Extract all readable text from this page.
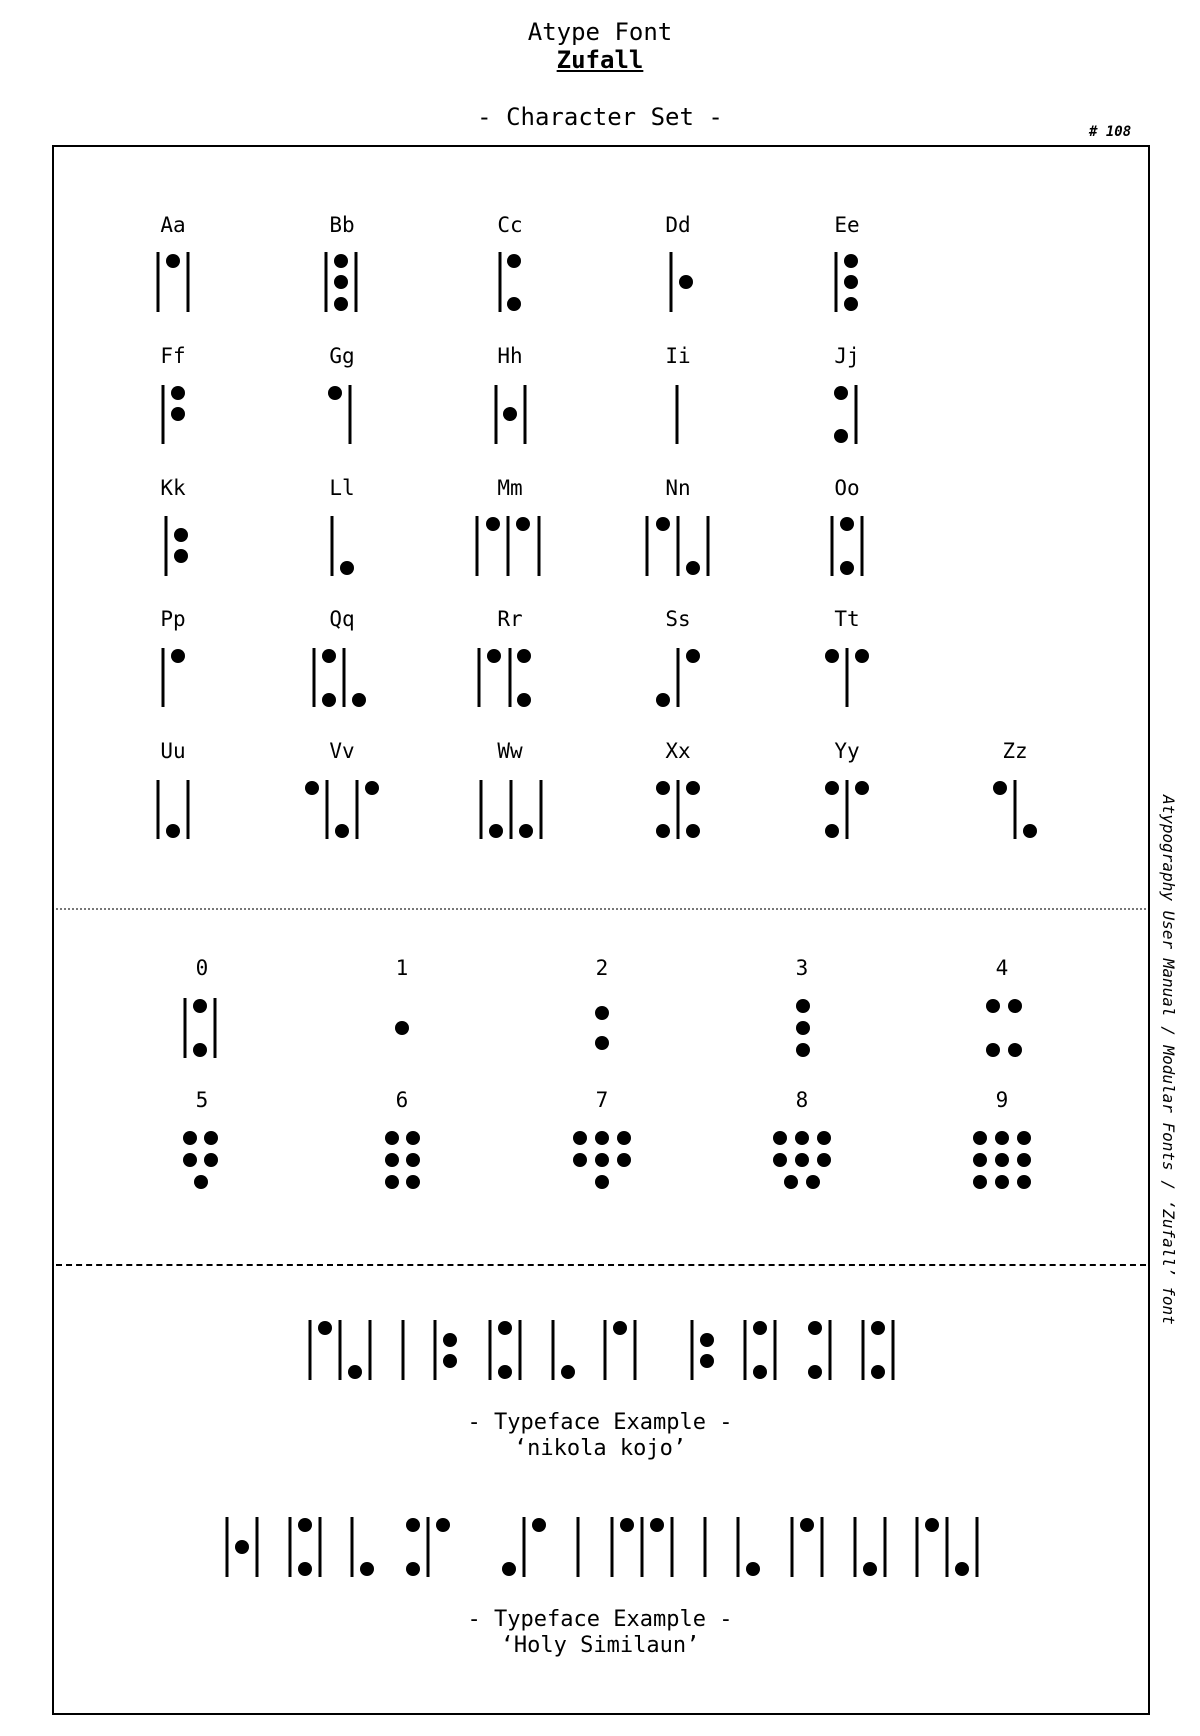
Atype Font
Zufall
- Character Set -
# 108
Atypography User Manual / Modular Fonts / ‘Zufall’ font
Aa	Bb	Cc	Dd	Ee
Ff	Gg	Hh	Ii	Jj
Kk	Ll	Mm	Nn	Oo
Pp	Qq	Rr	Ss	Tt
Uu	Vv	Ww	Xx	Yy	Zz
0	1	2	3	4
5	6	7	8	9
- Typeface Example -
‘nikola kojo’
- Typeface Example -
‘Holy Similaun’
